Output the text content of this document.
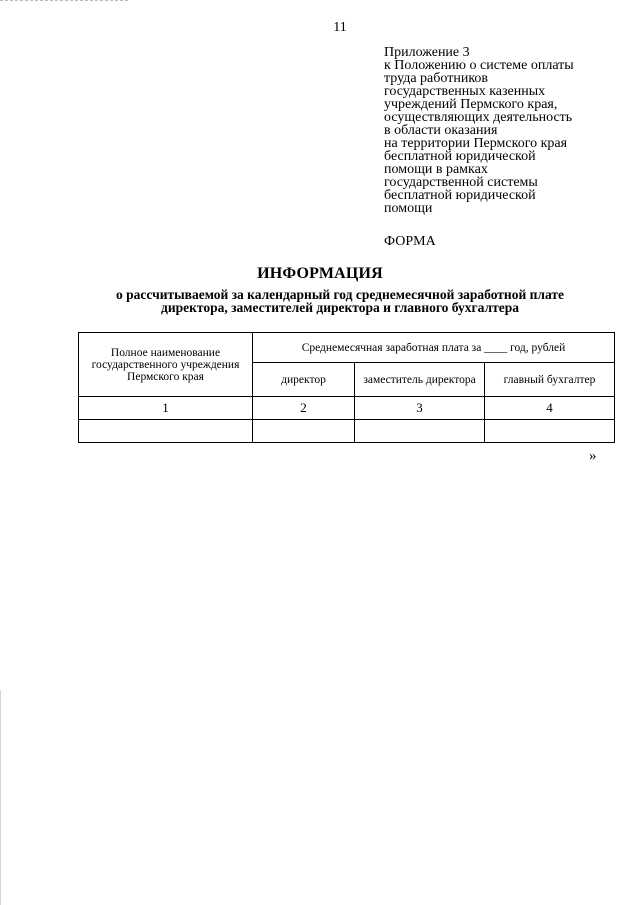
11
Приложение 3
к Положению о системе оплаты
труда работников
государственных казенных
учреждений Пермского края,
осуществляющих деятельность
в области оказания
на территории Пермского края
бесплатной юридической
помощи в рамках
государственной системы
бесплатной юридической
помощи
ФОРМА
ИНФОРМАЦИЯ
о рассчитываемой за календарный год среднемесячной заработной плате
директора, заместителей директора и главного бухгалтера
Полное наименование государственного учреждения Пермского края	Среднемесячная заработная плата за ____ год, рублей		
	директор	заместитель директора	главный бухгалтер
1	2	3	4

»
